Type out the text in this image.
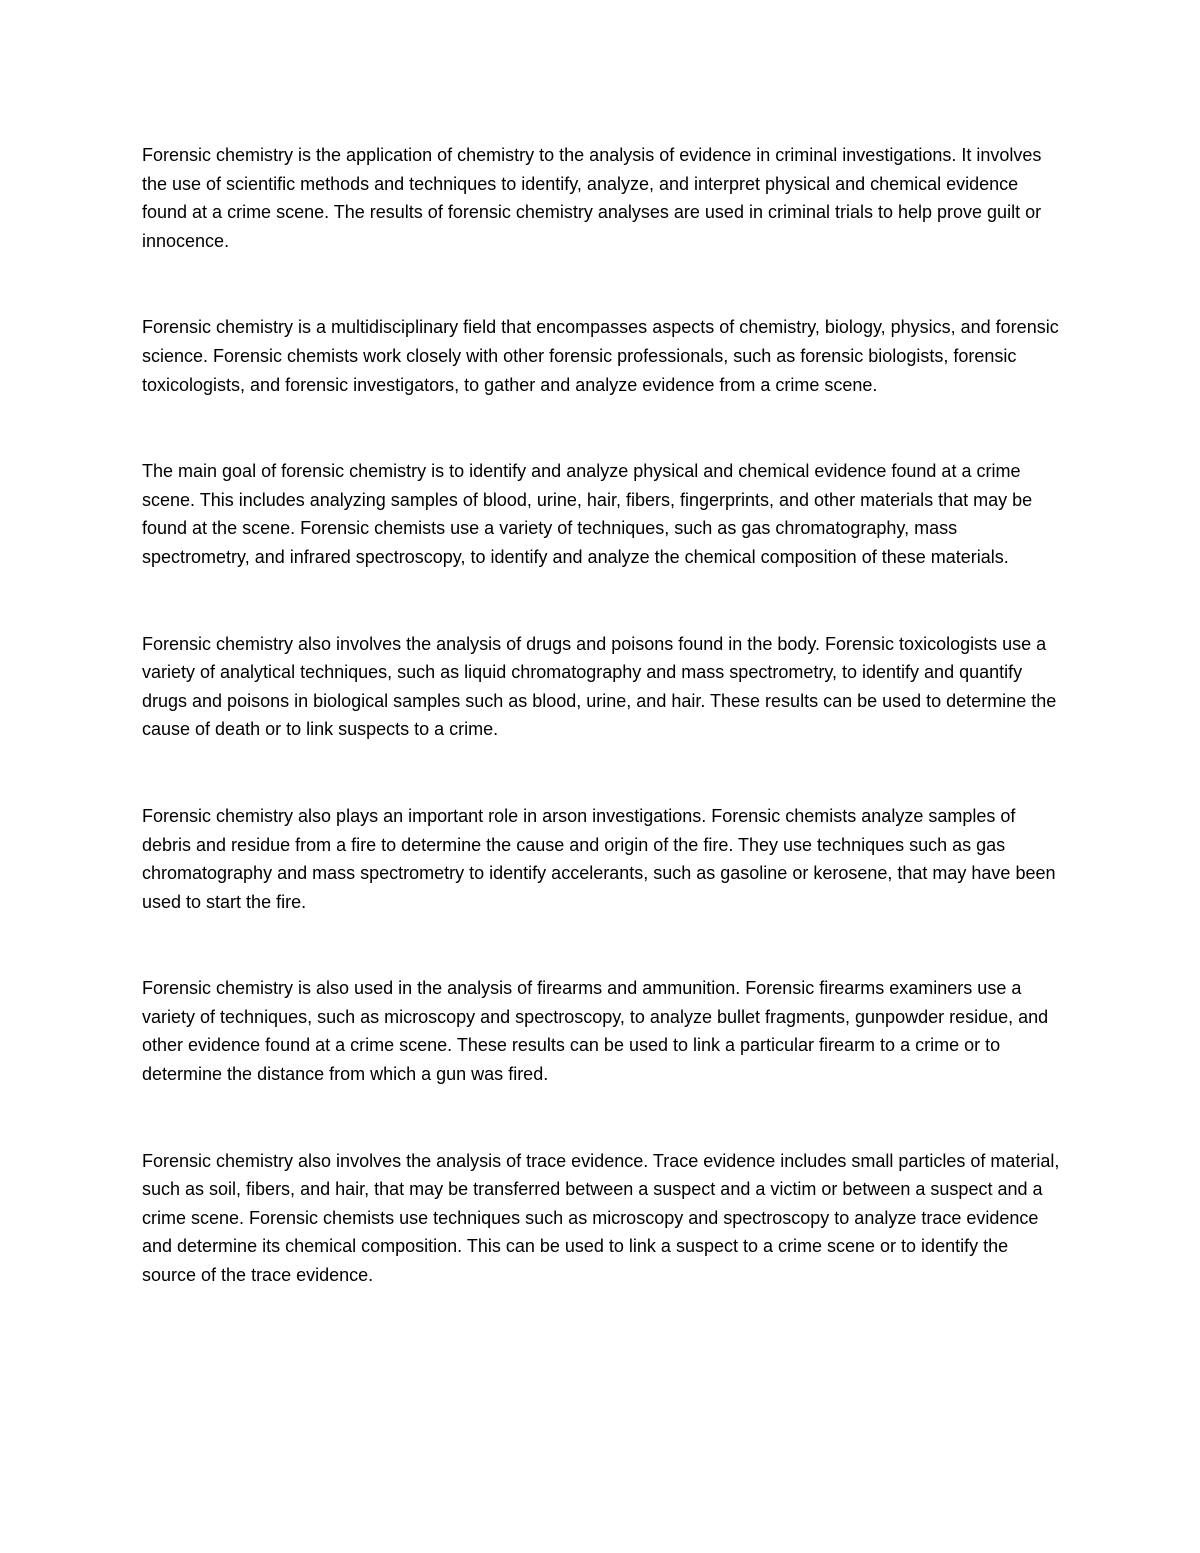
Forensic chemistry is the application of chemistry to the analysis of evidence in criminal investigations. It involves the use of scientific methods and techniques to identify, analyze, and interpret physical and chemical evidence found at a crime scene. The results of forensic chemistry analyses are used in criminal trials to help prove guilt or innocence.

Forensic chemistry is a multidisciplinary field that encompasses aspects of chemistry, biology, physics, and forensic science. Forensic chemists work closely with other forensic professionals, such as forensic biologists, forensic toxicologists, and forensic investigators, to gather and analyze evidence from a crime scene.

The main goal of forensic chemistry is to identify and analyze physical and chemical evidence found at a crime scene. This includes analyzing samples of blood, urine, hair, fibers, fingerprints, and other materials that may be found at the scene. Forensic chemists use a variety of techniques, such as gas chromatography, mass spectrometry, and infrared spectroscopy, to identify and analyze the chemical composition of these materials.

Forensic chemistry also involves the analysis of drugs and poisons found in the body. Forensic toxicologists use a variety of analytical techniques, such as liquid chromatography and mass spectrometry, to identify and quantify drugs and poisons in biological samples such as blood, urine, and hair. These results can be used to determine the cause of death or to link suspects to a crime.

Forensic chemistry also plays an important role in arson investigations. Forensic chemists analyze samples of debris and residue from a fire to determine the cause and origin of the fire. They use techniques such as gas chromatography and mass spectrometry to identify accelerants, such as gasoline or kerosene, that may have been used to start the fire.

Forensic chemistry is also used in the analysis of firearms and ammunition. Forensic firearms examiners use a variety of techniques, such as microscopy and spectroscopy, to analyze bullet fragments, gunpowder residue, and other evidence found at a crime scene. These results can be used to link a particular firearm to a crime or to determine the distance from which a gun was fired.

Forensic chemistry also involves the analysis of trace evidence. Trace evidence includes small particles of material, such as soil, fibers, and hair, that may be transferred between a suspect and a victim or between a suspect and a crime scene. Forensic chemists use techniques such as microscopy and spectroscopy to analyze trace evidence and determine its chemical composition. This can be used to link a suspect to a crime scene or to identify the source of the trace evidence.
